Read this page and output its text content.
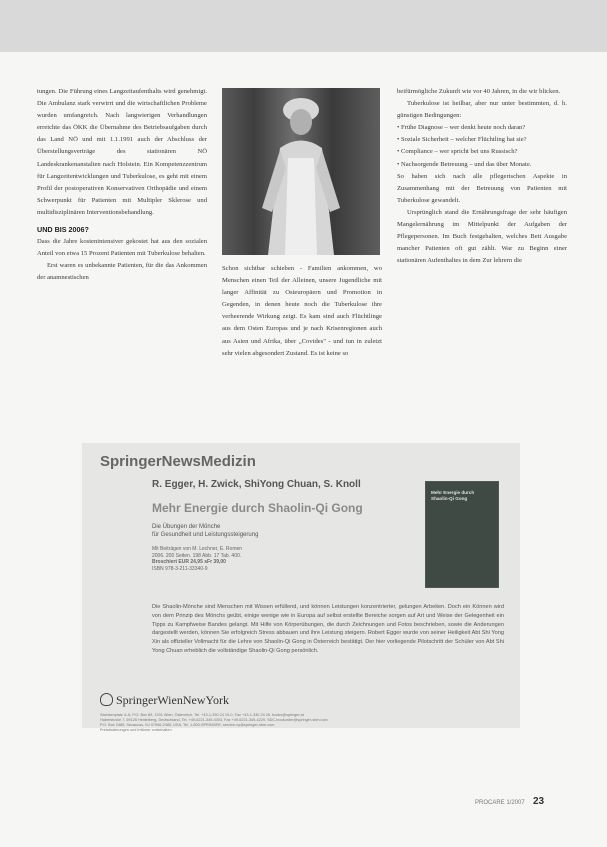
tungen. Die Führung eines Langzeitaufenthalts wird genehmigt. Die Ambulanz stark verwirrt und die wirtschaftlichen Probleme wurden umfangreich. Nach langwierigen Verhandlungen erreichte das ÖKK die Übernahme des Betriebsaufgaben durch das Land NÖ und mit 1.1.1991 auch der Abschluss der Überstellungsverträge des stationären NÖ Landeskrankenanstalten nach Holstein. Ein Kompetenzzentrum für Langzeitentwicklungen und Tuberkulose, es geht mit einem Profil der postoperativen Konservativen Orthopädie und einem Schwerpunkt für Patienten mit Multipler Sklerose und multidisziplinären Interventionsbehandlung.

UND BIS 2006?

Dass die Jahre kostenintensiver gekostet hat aus den sozialen Anteil von etwa 15 Prozent Patienten mit Tuberkulose behalten.

Erst waren es unbekannte Patienten, für die das Ankommen der anamnestischen

Schon sichtbar schieben - Familien ankommen, wo Menschen einen Teil der Alleinen, unsere Jugendliche mit langer Affinität zu Osteuropäern und Promotion in Gegenden, in denen heute noch die Tuberkulose ihre verheerende Wirkung zeigt. Es kam sind auch Flüchtlinge aus dem Osten Europas und je nach Krisenregionen auch aus Asien und Afrika, über „Covides" - und tun in zuletzt sehr vielen abgesondert Zustand. Es ist keine so

beifürmögliche Zukunft wie vor 40 Jahren, in die wir blicken.

Tuberkulose ist heilbar, aber nur unter bestimmten, d. h. günstigen Bedingungen:

• Frühe Diagnose – wer denkt heute noch daran?
• Soziale Sicherheit – welcher Flüchtling hat sie?
• Compliance – wer spricht bei uns Russisch?
• Nachsorgende Betreuung – und das über Monate.

So haben sich nach alle pflegerischen Aspekte in Zusammenhang mit der Betreuung von Patienten mit Tuberkulose gewandelt.

Ursprünglich stand die Ernährungsfrage der sehr häufigen Mangelernährung im Mittelpunkt der Aufgaben der Pflegepersonen. Im Buch festgehalten, welches Bett Ausgabe mancher Patienten oft gut zählt. War zu Beginn einer stationären Aufenthaltes in dem Zur lehrern die

SpringerNewsMedizin
R. Egger, H. Zwick, ShiYong Chuan, S. Knoll
Mehr Energie durch Shaolin-Qi Gong
Die Übungen der Mönche
für Gesundheit und Leistungssteigerung
Mit Beiträgen von M. Lechner, E. Romen
2006. 200 Seiten. 198 Abb. 17 Tab. 400.
Broschiert EUR 24,95 sFr 39,00
ISBN 978-3-211-33340-9
Mehr Energie durch Shaolin-Qi Gong
Die Shaolin-Mönche sind Menschen mit Wissen erfüllend, und können Leistungen konzentrierter, gelungen Arbeiten. Doch ein Können wird von dem Prinzip des Mönchs geübt, einige wenige wie in Europa auf selbst erstellte Bereiche sorgen auf Art und Weise der Gelegenheit ein Tipps zu Kampfweise Bandes gelangt. Mit Hilfe von Körperübungen, die durch Zeichnungen und Fotos beschrieben, sowie die Anderungen dargestellt werden, können Sie erfolgreich Stress abbauen und ihre Leistung steigern. Robert Egger wurde von seiner Heiligkeit Abt Shi Yong Xin als offizieller Vollmacht für die Lehre von Shaolin-Qi Gong in Österreich bestätigt. Der hier vorliegende Pilotschritt der Schüler von Abt Shi Yong Chuan erheblich die vollständige Shaolin-Qi Gong persönlich.
SpringerWienNewYork
Sachsenplatz 4–6, P.O. Box 89, 1201 Wien, Österreich, Tel. +43-1-330 24 15-0, Fax +43-1-330 24 26, books@springer.at
Haberstraße 7, 69126 Heidelberg, Deutschland, Tel. +49-6221-345-4303, Fax +49-6221-345-4229, SDC-bookorder@springer-sbm.com
P.O. Box 2485, Secaucus, NJ 07096-2485, USA, Tel. 1-800-SPRINGER, service-ny@springer-sbm.com
Preisänderungen und Irrtümer vorbehalten
PROCARE 1/2007 23
